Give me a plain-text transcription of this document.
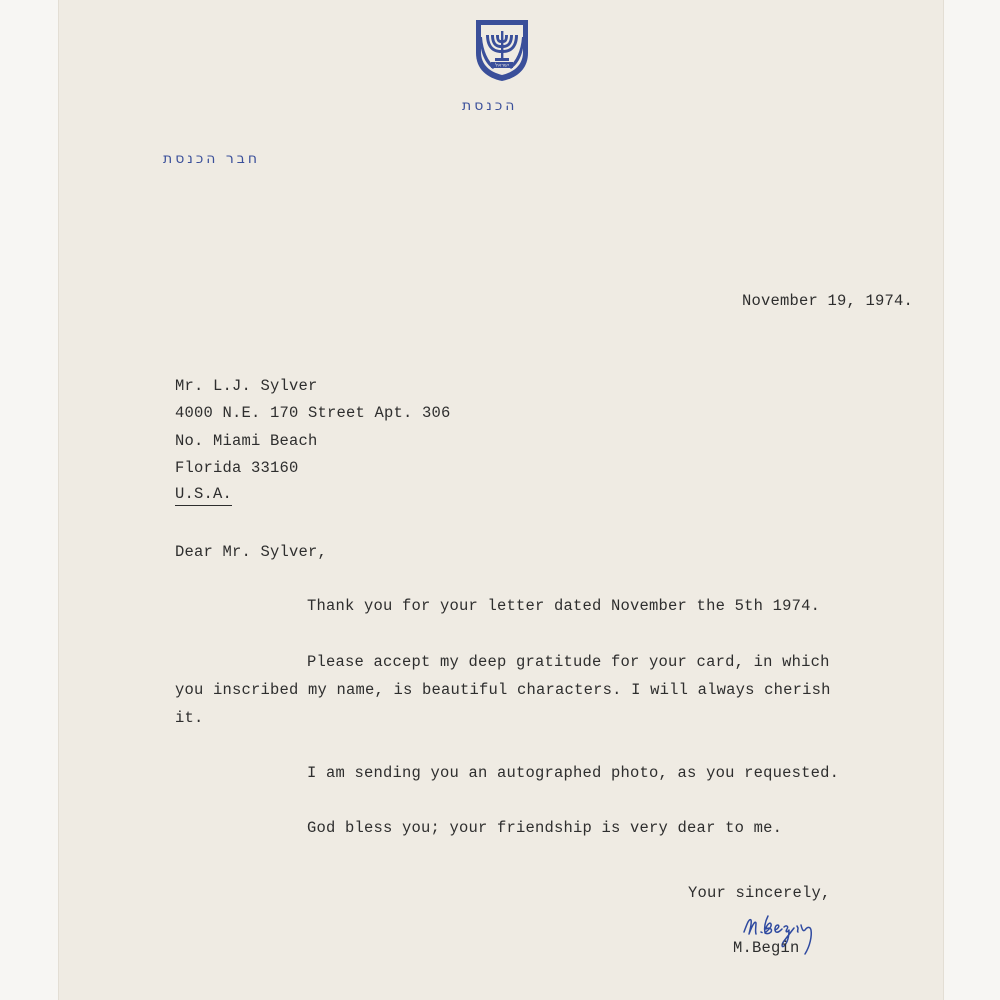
ישראל
הכנסת
חבר הכנסת
November 19, 1974.
Mr. L.J. Sylver
4000 N.E. 170 Street Apt. 306
No. Miami Beach
Florida 33160
U.S.A.
Dear Mr. Sylver,
Thank you for your letter dated November the 5th 1974.
Please accept my deep gratitude for your card, in which
you inscribed my name, is beautiful characters. I will always cherish
it.
I am sending you an autographed photo, as you requested.
God bless you; your friendship is very dear to me.
Your sincerely,
M.Begin
